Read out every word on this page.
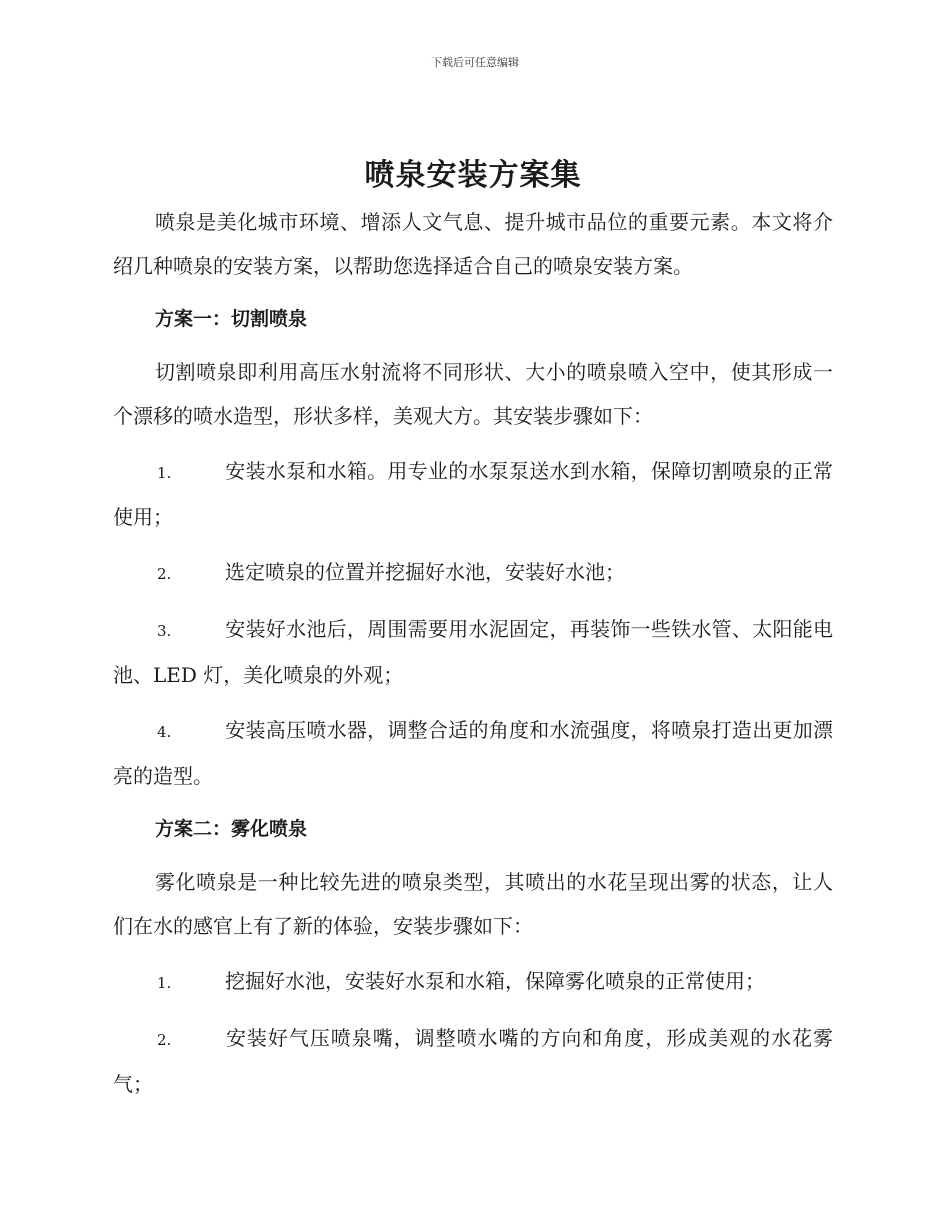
下载后可任意编辑
喷泉安装方案集

喷泉是美化城市环境、增添人文气息、提升城市品位的重要元素。本文将介绍几种喷泉的安装方案，以帮助您选择适合自己的喷泉安装方案。

方案一：切割喷泉

切割喷泉即利用高压水射流将不同形状、大小的喷泉喷入空中，使其形成一个漂移的喷水造型，形状多样，美观大方。其安装步骤如下：

1.	安装水泵和水箱。用专业的水泵泵送水到水箱，保障切割喷泉的正常使用；

2.	选定喷泉的位置并挖掘好水池，安装好水池；

3.	安装好水池后，周围需要用水泥固定，再装饰一些铁水管、太阳能电池、LED 灯，美化喷泉的外观；

4.	安装高压喷水器，调整合适的角度和水流强度，将喷泉打造出更加漂亮的造型。

方案二：雾化喷泉

雾化喷泉是一种比较先进的喷泉类型，其喷出的水花呈现出雾的状态，让人们在水的感官上有了新的体验，安装步骤如下：

1.	挖掘好水池，安装好水泵和水箱，保障雾化喷泉的正常使用；

2.	安装好气压喷泉嘴，调整喷水嘴的方向和角度，形成美观的水花雾气；
